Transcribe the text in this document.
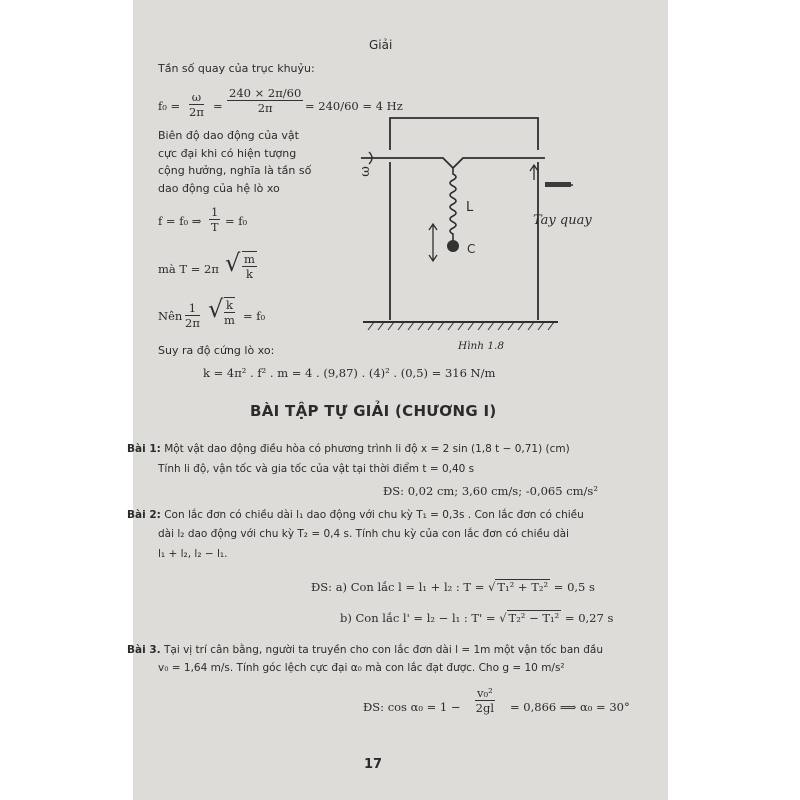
Giải
Tần số quay của trục khuỷu:
$f_0 = \frac{\omega}{2\pi} = \frac{240 \times 2\pi/60}{2\pi} = 240/60 = 4$ Hz
Biên độ dao động của vật
cực đại khi có hiện tượng
cộng hưởng, nghĩa là tần số
dao động của hệ lò xo
f = f₀ ⇒ $\frac{1}{T} = f_0$
mà T = 2π √ $\frac{m}{k}$
Nên $\frac{1}{2\pi}$ √ $\frac{k}{m} = f_0$
Suy ra độ cứng lò xo:
k = 4π² . f² . m = 4 . (9,87) . (4)² . (0,5) = 316 N/m
ω
L
C
Tay quay
Hình 1.8
BÀI TẬP TỰ GIẢI (CHƯƠNG I)
Bài 1: Một vật dao động điều hòa có phương trình li độ x = 2 sin (1,8 t − 0,71) (cm)
Tính li độ, vận tốc và gia tốc của vật tại thời điểm t = 0,40 s
ĐS: 0,02 cm; 3,60 cm/s; -0,065 cm/s²
Bài 2: Con lắc đơn có chiều dài l₁ dao động với chu kỳ T₁ = 0,3s . Con lắc đơn có chiều
dài l₂ dao động với chu kỳ T₂ = 0,4 s. Tính chu kỳ của con lắc đơn có chiều dài
l₁ + l₂, l₂ − l₁.
ĐS: a) Con lắc l = l₁ + l₂ : T = √ T₁² + T₂² = 0,5 s
b) Con lắc l' = l₂ − l₁ : T' = √ T₂² − T₁² = 0,27 s
Bài 3. Tại vị trí cân bằng, người ta truyền cho con lắc đơn dài l = 1m một vận tốc ban đầu
v₀ = 1,64 m/s. Tính góc lệch cực đại α₀ mà con lắc đạt được. Cho g = 10 m/s²
ĐS: $\cos \alpha_0 = 1 - \frac{\text{v₀²}}{2gl} = 0,866$ ⟹ α₀ = 30°
17
